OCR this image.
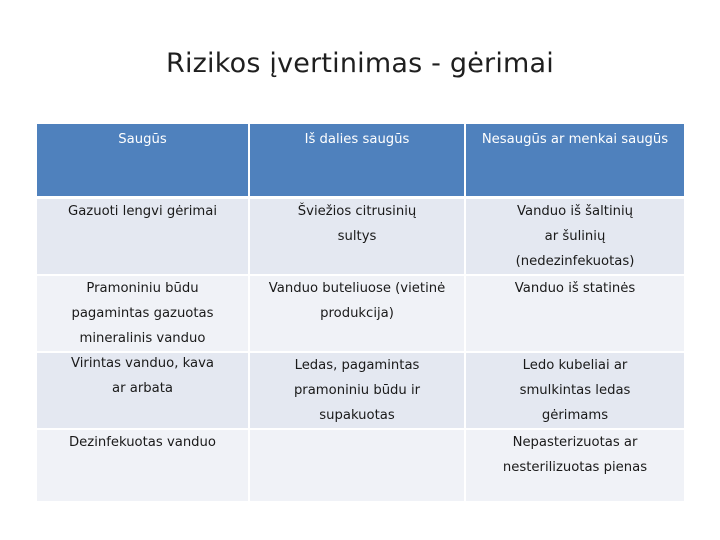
Rizikos įvertinimas - gėrimai
Saugūs	Iš dalies saugūs	Nesaugūs ar menkai saugūs

Gazuoti lengvi gėrimai	Šviežios citrusinių sultys	Vanduo iš šaltinių ar šulinių (nedezinfekuotas)

Pramoniniu būdu pagamintas gazuotas mineralinis vanduo	Vanduo buteliuose (vietinė produkcija)	Vanduo iš statinės

Virintas vanduo, kava ar arbata	Ledas, pagamintas pramoniniu būdu ir supakuotas	Ledo kubeliai ar smulkintas ledas gėrimams

Dezinfekuotas vanduo		Nepasterizuotas ar nesterilizuotas pienas
